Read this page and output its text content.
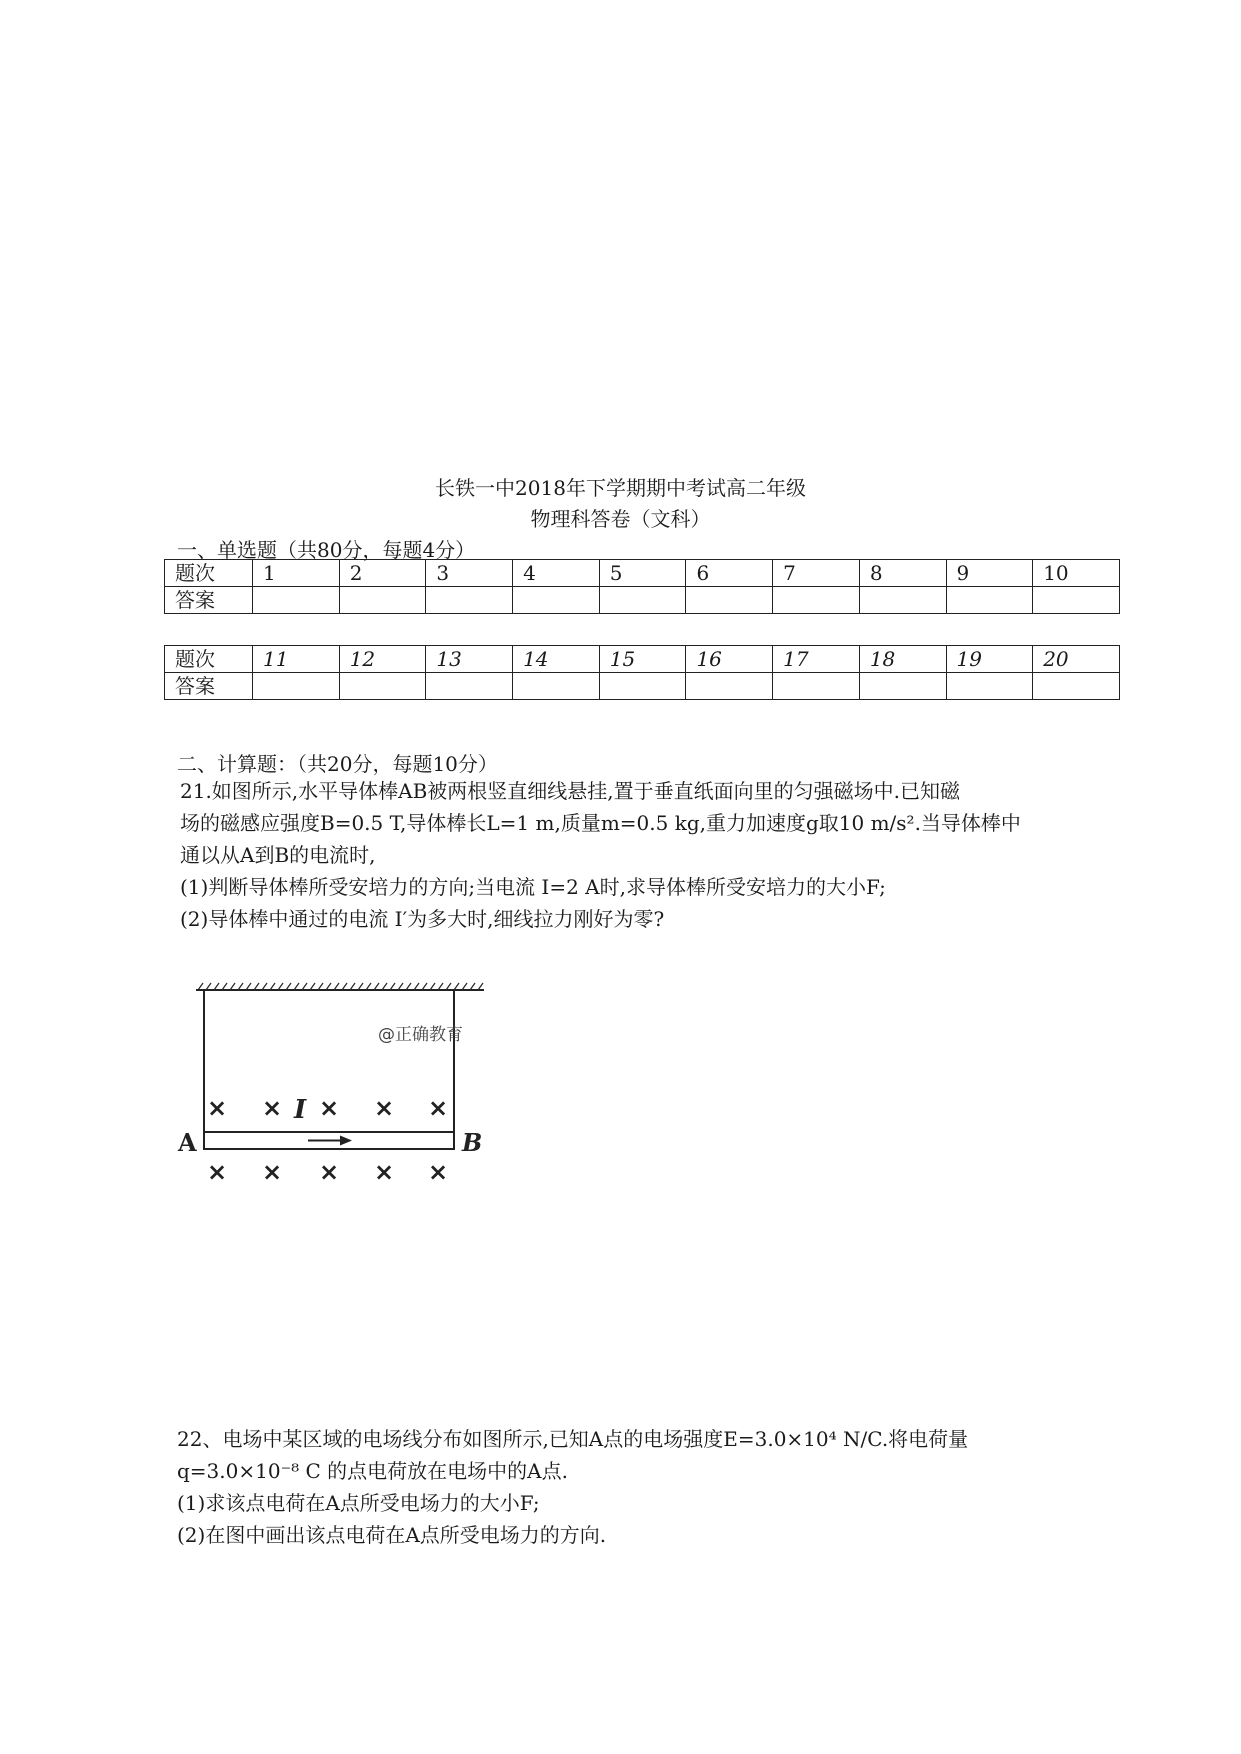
长铁一中2018年下学期期中考试高二年级
物理科答卷（文科）
一、单选题（共80分，每题4分）
题次	1	2	3	4	5	6	7	8	9	10
答案										
题次	11	12	13	14	15	16	17	18	19	20
答案										
二、计算题：（共20分，每题10分）

21.如图所示,水平导体棒AB被两根竖直细线悬挂,置于垂直纸面向里的匀强磁场中.已知磁

场的磁感应强度B=0.5 T,导体棒长L=1 m,质量m=0.5 kg,重力加速度g取10 m/s².当导体棒中

通以从A到B的电流时,

(1)判断导体棒所受安培力的方向;当电流 I=2 A时,求导体棒所受安培力的大小F;

(2)导体棒中通过的电流 I′为多大时,细线拉力刚好为零?

@正确教育
I
A	B
× × × × ×
× × × × ×

22、电场中某区域的电场线分布如图所示,已知A点的电场强度E=3.0×10⁴ N/C.将电荷量

q=3.0×10⁻⁸ C 的点电荷放在电场中的A点.

(1)求该点电荷在A点所受电场力的大小F;

(2)在图中画出该点电荷在A点所受电场力的方向.
